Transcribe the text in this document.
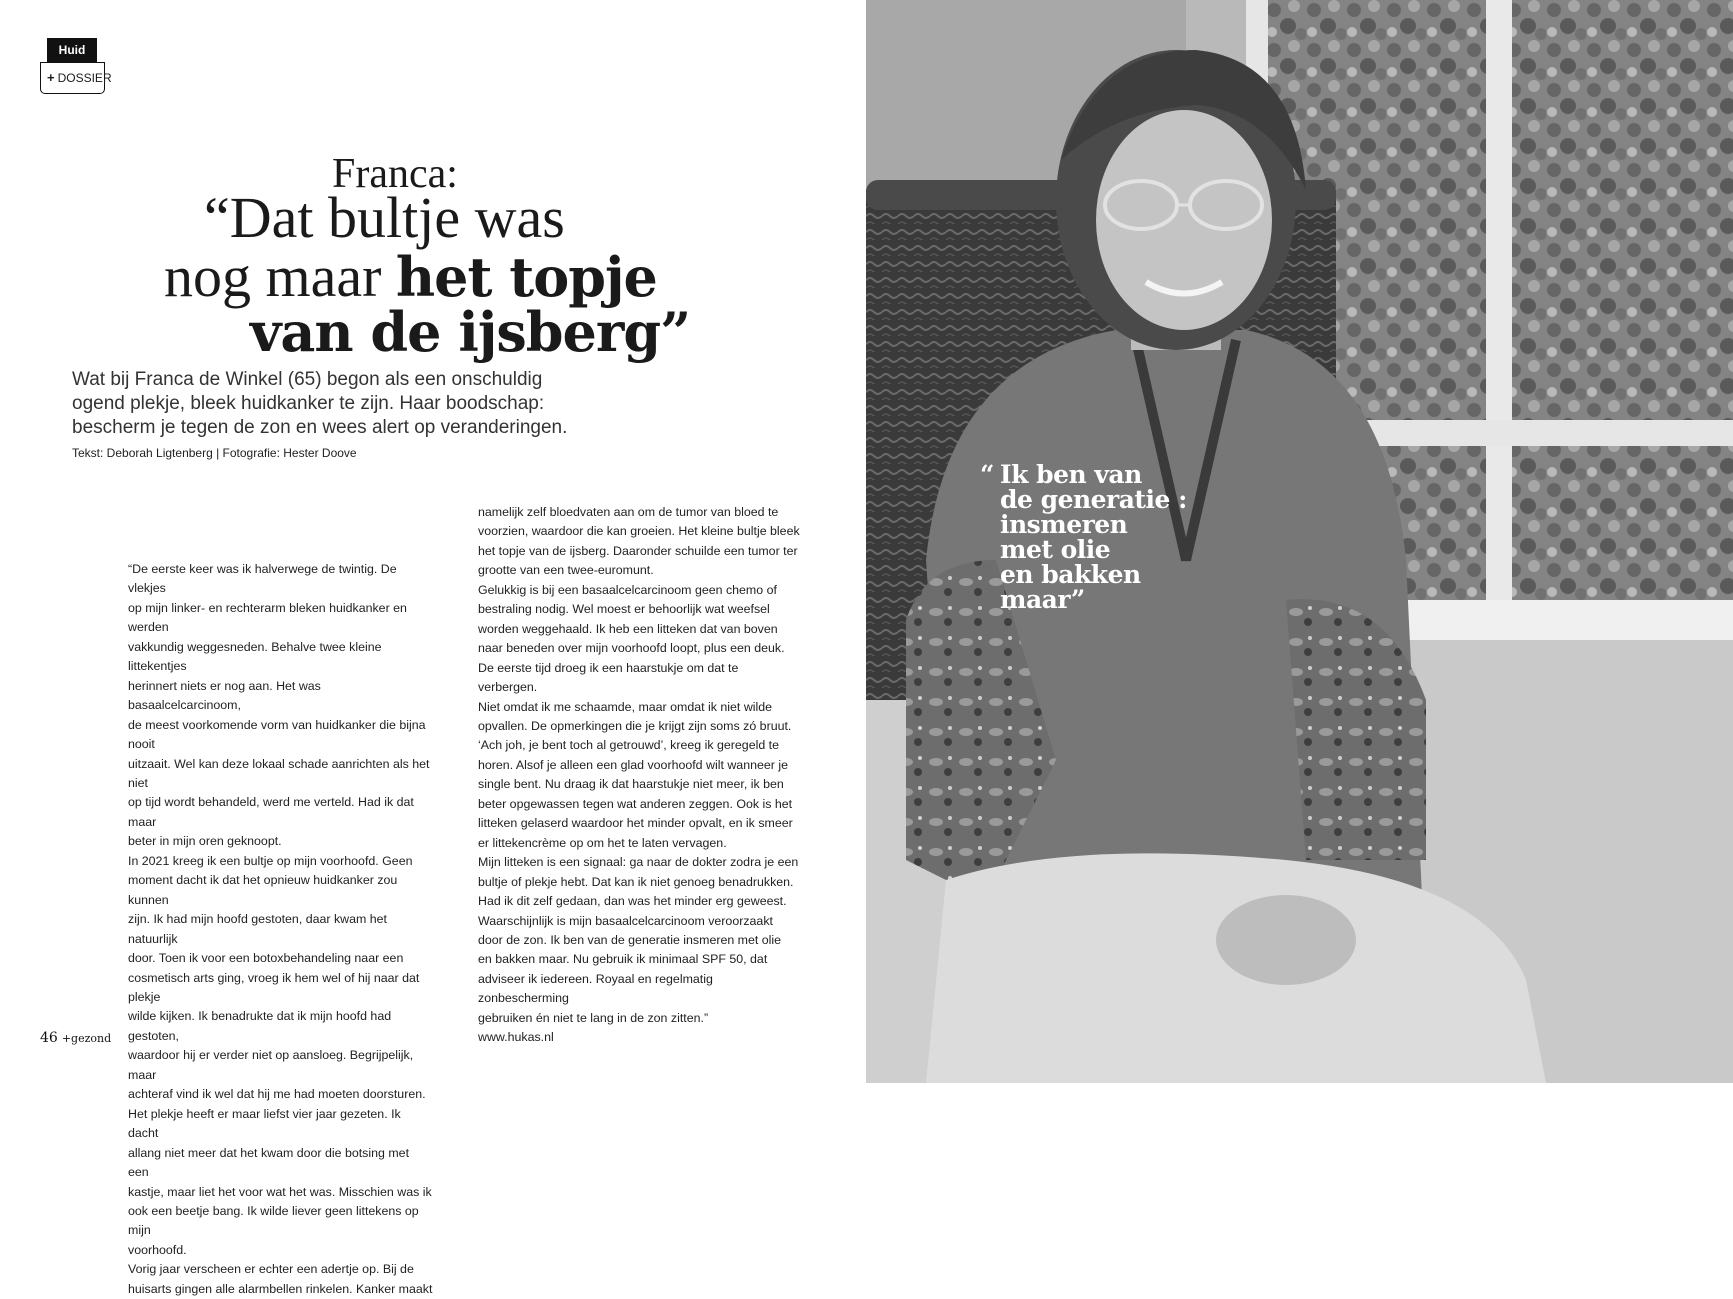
Huid
+ DOSSIER
Franca:
“Dat bultje was
nog maar het topje
van de ijsberg”

Wat bij Franca de Winkel (65) begon als een onschuldig ogend plekje, bleek huidkanker te zijn. Haar boodschap: bescherm je tegen de zon en wees alert op veranderingen.

Tekst: Deborah Ligtenberg | Fotografie: Hester Doove

“De eerste keer was ik halverwege de twintig. De vlekjes

op mijn linker- en rechterarm bleken huidkanker en werden

vakkundig weggesneden. Behalve twee kleine littekentjes

herinnert niets er nog aan. Het was basaalcelcarcinoom,

de meest voorkomende vorm van huidkanker die bijna nooit

uitzaait. Wel kan deze lokaal schade aanrichten als het niet

op tijd wordt behandeld, werd me verteld. Had ik dat maar

beter in mijn oren geknoopt.

In 2021 kreeg ik een bultje op mijn voorhoofd. Geen

moment dacht ik dat het opnieuw huidkanker zou kunnen

zijn. Ik had mijn hoofd gestoten, daar kwam het natuurlijk

door. Toen ik voor een botoxbehandeling naar een

cosmetisch arts ging, vroeg ik hem wel of hij naar dat plekje

wilde kijken. Ik benadrukte dat ik mijn hoofd had gestoten,

waardoor hij er verder niet op aansloeg. Begrijpelijk, maar

achteraf vind ik wel dat hij me had moeten doorsturen.

Het plekje heeft er maar liefst vier jaar gezeten. Ik dacht

allang niet meer dat het kwam door die botsing met een

kastje, maar liet het voor wat het was. Misschien was ik

ook een beetje bang. Ik wilde liever geen littekens op mijn

voorhoofd.

Vorig jaar verscheen er echter een adertje op. Bij de

huisarts gingen alle alarmbellen rinkelen. Kanker maakt

namelijk zelf bloedvaten aan om de tumor van bloed te

voorzien, waardoor die kan groeien. Het kleine bultje bleek

het topje van de ijsberg. Daaronder schuilde een tumor ter

grootte van een twee-euromunt.

Gelukkig is bij een basaalcelcarcinoom geen chemo of

bestraling nodig. Wel moest er behoorlijk wat weefsel

worden weggehaald. Ik heb een litteken dat van boven

naar beneden over mijn voorhoofd loopt, plus een deuk.

De eerste tijd droeg ik een haarstukje om dat te verbergen.

Niet omdat ik me schaamde, maar omdat ik niet wilde

opvallen. De opmerkingen die je krijgt zijn soms zó bruut.

‘Ach joh, je bent toch al getrouwd’, kreeg ik geregeld te

horen. Alsof je alleen een glad voorhoofd wilt wanneer je

single bent. Nu draag ik dat haarstukje niet meer, ik ben

beter opgewassen tegen wat anderen zeggen. Ook is het

litteken gelaserd waardoor het minder opvalt, en ik smeer

er littekencrème op om het te laten vervagen.

Mijn litteken is een signaal: ga naar de dokter zodra je een

bultje of plekje hebt. Dat kan ik niet genoeg benadrukken.

Had ik dit zelf gedaan, dan was het minder erg geweest.

Waarschijnlijk is mijn basaalcelcarcinoom veroorzaakt

door de zon. Ik ben van de generatie insmeren met olie

en bakken maar. Nu gebruik ik minimaal SPF 50, dat

adviseer ik iedereen. Royaal en regelmatig zonbescherming

gebruiken én niet te lang in de zon zitten.”

www.hukas.nl

46 +gezond
“ Ik ben van
de generatie :
insmeren
met olie
en bakken
maar”
